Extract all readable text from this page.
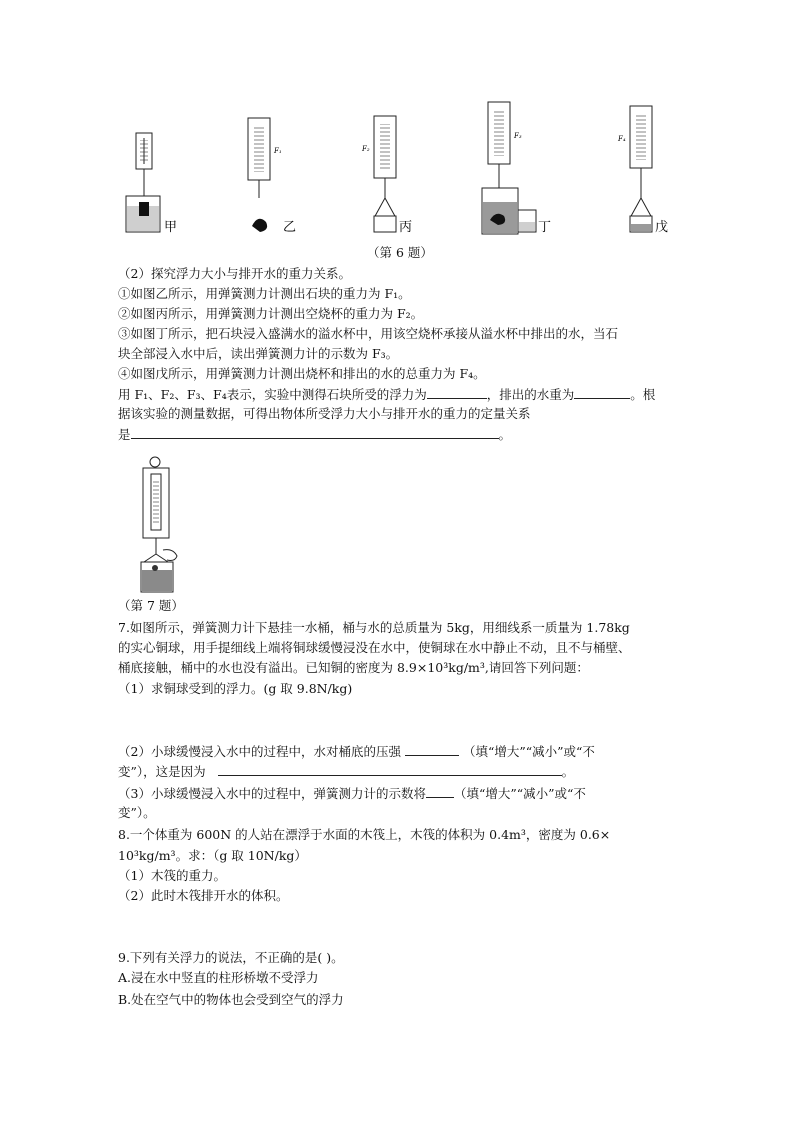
甲
F₁
乙
F₂
丙
F₃
丁
F₄
戊
（第 6 题）
（2）探究浮力大小与排开水的重力关系。
①如图乙所示，用弹簧测力计测出石块的重力为 F₁。
②如图丙所示，用弹簧测力计测出空烧杯的重力为 F₂。
③如图丁所示，把石块浸入盛满水的溢水杯中，用该空烧杯承接从溢水杯中排出的水，当石
块全部浸入水中后，读出弹簧测力计的示数为 F₃。
④如图戊所示，用弹簧测力计测出烧杯和排出的水的总重力为 F₄。
用 F₁、F₂、F₃、F₄表示，实验中测得石块所受的浮力为	，排出的水重为	。根
据该实验的测量数据，可得出物体所受浮力大小与排开水的重力的定量关系
是	。
（第 7 题）
7.如图所示，弹簧测力计下悬挂一水桶，桶与水的总质量为 5kg，用细线系一质量为 1.78kg
的实心铜球，用手提细线上端将铜球缓慢浸没在水中，使铜球在水中静止不动，且不与桶壁、
桶底接触，桶中的水也没有溢出。已知铜的密度为 8.9×10³kg/m³,请回答下列问题：
（1）求铜球受到的浮力。(g 取 9.8N/kg)
（2）小球缓慢浸入水中的过程中，水对桶底的压强	（填“增大”“减小”或“不
变”），这是因为	。
（3）小球缓慢浸入水中的过程中，弹簧测力计的示数将 （填“增大”“减小”或“不
变”）。
8.一个体重为 600N 的人站在漂浮于水面的木筏上，木筏的体积为 0.4m³，密度为 0.6×
10³kg/m³。求：（g 取 10N/kg）
（1）木筏的重力。
（2）此时木筏排开水的体积。
9.下列有关浮力的说法，不正确的是( )。
A.浸在水中竖直的柱形桥墩不受浮力
B.处在空气中的物体也会受到空气的浮力
